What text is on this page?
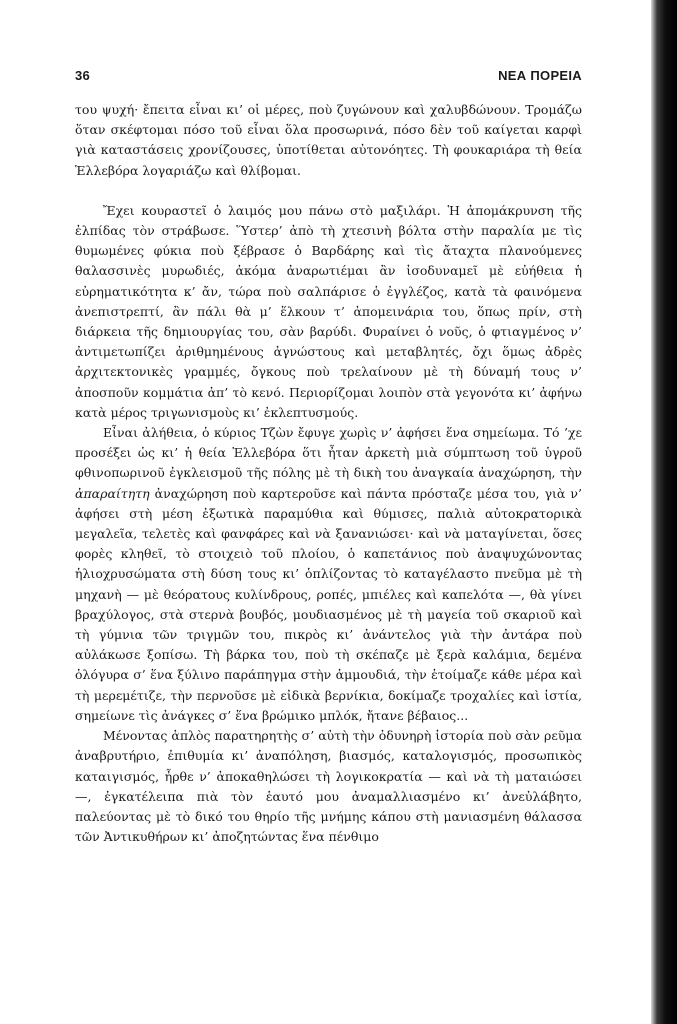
36	ΝΕΑ ΠΟΡΕΙΑ

του ψυχή· ἔπειτα εἶναι κι’ οἱ μέρες, ποὺ ζυγώνουν καὶ χαλυβδώνουν. Τρομάζω ὅταν σκέφτομαι πόσο τοῦ εἶναι ὅλα προσωρινά, πόσο δὲν τοῦ καίγεται καρφὶ γιὰ καταστάσεις χρονίζουσες, ὑποτίθεται αὐτονόητες. Τὴ φουκαριάρα τὴ θεία Ἑλλεβόρα λογαριάζω καὶ θλίβομαι.

Ἔχει κουραστεῖ ὁ λαιμός μου πάνω στὸ μαξιλάρι. Ἡ ἀπομάκρυνση τῆς ἐλπίδας τὸν στράβωσε. Ὕστερ’ ἀπὸ τὴ χτεσινὴ βόλτα στὴν παραλία με τὶς θυμωμένες φύκια ποὺ ξέβρασε ὁ Βαρδάρης καὶ τὶς ἄταχτα πλανούμενες θαλασσινὲς μυρωδιές, ἀκόμα ἀναρωτιέμαι ἂν ἰσοδυναμεῖ μὲ εὐήθεια ἡ εὐρηματικότητα κ’ ἄν, τώρα ποὺ σαλπάρισε ὁ ἐγγλέζος, κατὰ τὰ φαινόμενα ἀνεπιστρεπτί, ἂν πάλι θὰ μ’ ἕλκουν τ’ ἀπομεινάρια του, ὅπως πρίν, στὴ διάρκεια τῆς δημιουργίας του, σὰν βαρύδι. Φυραίνει ὁ νοῦς, ὁ φτιαγμένος ν’ ἀντιμετωπίζει ἀριθμημένους ἀγνώστους καὶ μεταβλητές, ὄχι ὅμως ἀδρὲς ἀρχιτεκτονικὲς γραμμές, ὄγκους ποὺ τρελαίνουν μὲ τὴ δύναμή τους ν’ ἀποσποῦν κομμάτια ἀπ’ τὸ κενό. Περιορίζομαι λοιπὸν στὰ γεγονότα κι’ ἀφήνω κατὰ μέρος τριγωνισμοὺς κι’ ἐκλεπτυσμούς.

Εἶναι ἀλήθεια, ὁ κύριος Τζὼν ἔφυγε χωρὶς ν’ ἀφήσει ἕνα σημείωμα. Τό ’χε προσέξει ὡς κι’ ἡ θεία Ἑλλεβόρα ὅτι ἦταν ἀρκετὴ μιὰ σύμπτωση τοῦ ὑγροῦ φθινοπωρινοῦ ἐγκλεισμοῦ τῆς πόλης μὲ τὴ δικὴ του ἀναγκαία ἀναχώρηση, τὴν ἀπαραίτητη ἀναχώρηση ποὺ καρτεροῦσε καὶ πάντα πρόσταζε μέσα του, γιὰ ν’ ἀφήσει στὴ μέση ἐξωτικὰ παραμύθια καὶ θύμισες, παλιὰ αὐτοκρατορικὰ μεγαλεῖα, τελετὲς καὶ φανφάρες καὶ νὰ ξανανιώσει· καὶ νὰ ματαγίνεται, ὅσες φορὲς κληθεῖ, τὸ στοιχειὸ τοῦ πλοίου, ὁ καπετάνιος ποὺ ἀναψυχώνοντας ἡλιοχρυσώματα στὴ δύση τους κι’ ὁπλίζοντας τὸ καταγέλαστο πνεῦμα μὲ τὴ μηχανὴ — μὲ θεόρατους κυλίνδρους, ροπές, μπιέλες καὶ καπελότα —, θὰ γίνει βραχύλογος, στὰ στερνὰ βουβός, μουδιασμένος μὲ τὴ μαγεία τοῦ σκαριοῦ καὶ τὴ γύμνια τῶν τριγμῶν του, πικρὸς κι’ ἀνάντελος γιὰ τὴν ἀντάρα ποὺ αὐλάκωσε ξοπίσω. Τὴ βάρκα του, ποὺ τὴ σκέπαζε μὲ ξερὰ καλάμια, δεμένα ὁλόγυρα σ’ ἕνα ξύλινο παράπηγμα στὴν ἀμμουδιά, τὴν ἑτοίμαζε κάθε μέρα καὶ τὴ μερεμέτιζε, τὴν περνοῦσε μὲ εἰδικὰ βερνίκια, δοκίμαζε τροχαλίες καὶ ἱστία, σημείωνε τὶς ἀνάγκες σ’ ἕνα βρώμικο μπλόκ, ἤτανε βέβαιος...

Μένοντας ἁπλὸς παρατηρητὴς σ’ αὐτὴ τὴν ὀδυνηρὴ ἱστορία ποὺ σὰν ρεῦμα ἀναβρυτήριο, ἐπιθυμία κι’ ἀναπόληση, βιασμός, καταλογισμός, προσωπικὸς καταιγισμός, ἦρθε ν’ ἀποκαθηλώσει τὴ λογικοκρατία — καὶ νὰ τὴ ματαιώσει —, ἐγκατέλειπα πιὰ τὸν ἑαυτό μου ἀναμαλλιασμένο κι’ ἀνεὐλάβητο, παλεύοντας μὲ τὸ δικό του θηρίο τῆς μνήμης κάπου στὴ μανιασμένη θάλασσα τῶν Ἀντικυθήρων κι’ ἀποζητώντας ἕνα πένθιμο
